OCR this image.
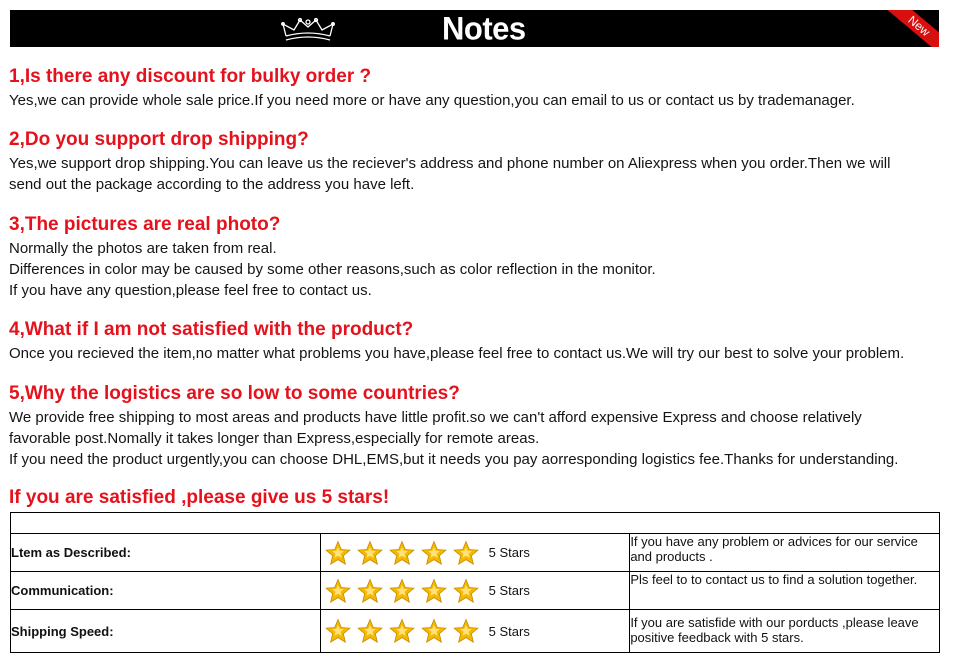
Notes	New
1,Is there any discount for bulky order ?

Yes,we can provide whole sale price.If you need more or have any question,you can email to us or contact us by trademanager.

2,Do you support drop shipping?

Yes,we support drop shipping.You can leave us the reciever's address and phone number on Aliexpress when you order.Then we will

send out the package according to the address you have left.

3,The pictures are real photo?

Normally the photos are taken from real.

Differences in color may be caused by some other reasons,such as color reflection in the monitor.

If you have any question,please feel free to contact us.

4,What if I am not satisfied with the product?

Once you recieved the item,no matter what problems you have,please feel free to contact us.We will try our best to solve your problem.

5,Why the logistics are so low to some countries?

We provide free shipping to most areas and products have little profit.so we can't afford expensive Express and choose relatively

favorable post.Nomally it takes longer than Express,especially for remote areas.

If you need the product urgently,you can choose DHL,EMS,but it needs you pay aorresponding logistics fee.Thanks for understanding.

If you are satisfied ,please give us 5 stars!

Ltem as Described:	5 Stars	If you have any problem or advices for our service and products .
Communication:	5 Stars	Pls feel to to contact us to find a solution together.
Shipping Speed:	5 Stars	If you are satisfide with our porducts ,please leave positive feedback with 5 stars.
